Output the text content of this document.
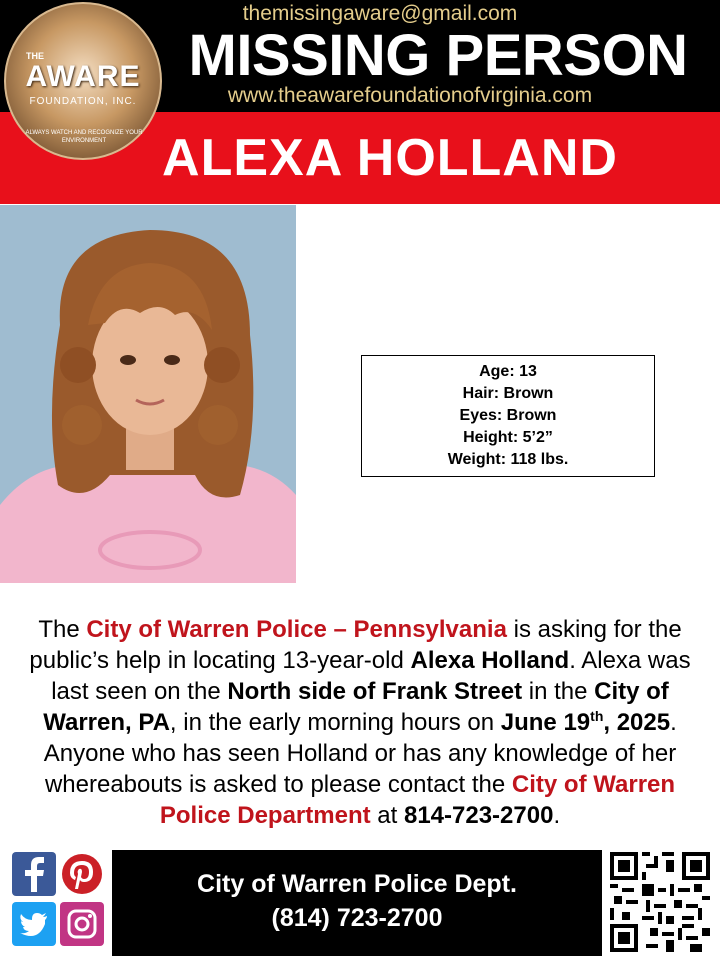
THE
AWARE
FOUNDATION, INC.
ALWAYS WATCH AND RECOGNIZE YOUR ENVIRONMENT
themissingaware@gmail.com
MISSING PERSON
www.theawarefoundationofvirginia.com
ALEXA HOLLAND
Age: 13
Hair: Brown
Eyes: Brown
Height: 5’2”
Weight: 118 lbs.
The City of Warren Police – Pennsylvania is asking for the public’s help in locating 13-year-old Alexa Holland. Alexa was last seen on the North side of Frank Street in the City of Warren, PA, in the early morning hours on June 19th, 2025. Anyone who has seen Holland or has any knowledge of her whereabouts is asked to please contact the City of Warren Police Department at 814-723-2700.
City of Warren Police Dept.
(814) 723-2700
